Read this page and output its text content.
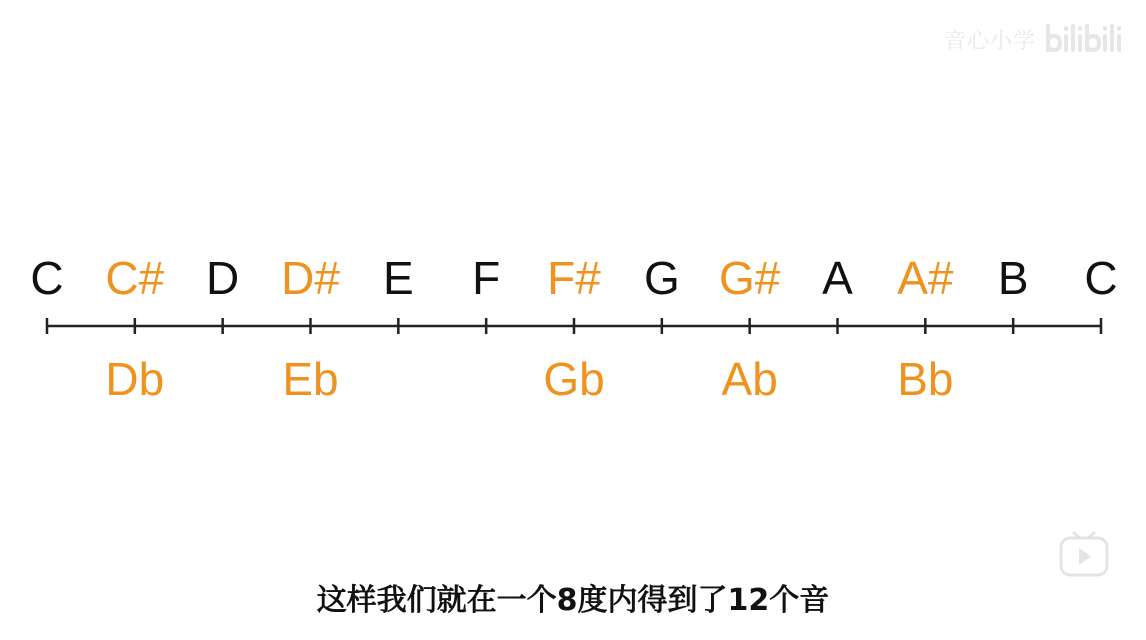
音心小学
C C# D D# E F F# G G# A A# B C
Db	Eb	Gb	Ab	Bb
这样我们就在一个8度内得到了12个音
